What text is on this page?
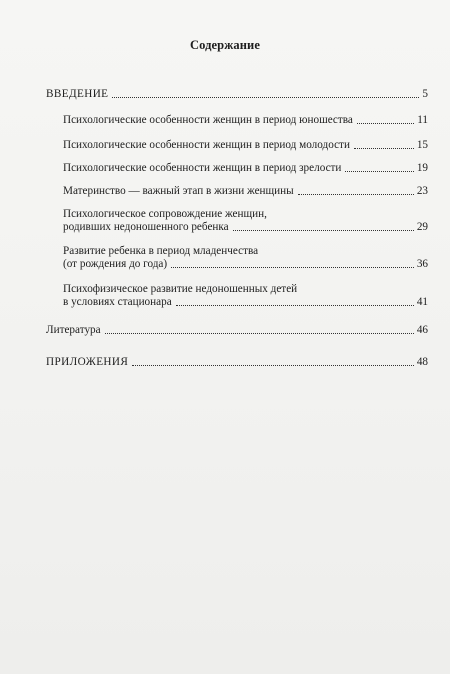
Содержание
ВВЕДЕНИЕ	5
Психологические особенности женщин в период юношества	11
Психологические особенности женщин в период молодости	15
Психологические особенности женщин в период зрелости	19
Материнство — важный этап в жизни женщины	23
Психологическое сопровождение женщин,
родивших недоношенного ребенка	29
Развитие ребенка в период младенчества
(от рождения до года)	36
Психофизическое развитие недоношенных детей
в условиях стационара	41
Литература	46
ПРИЛОЖЕНИЯ	48
